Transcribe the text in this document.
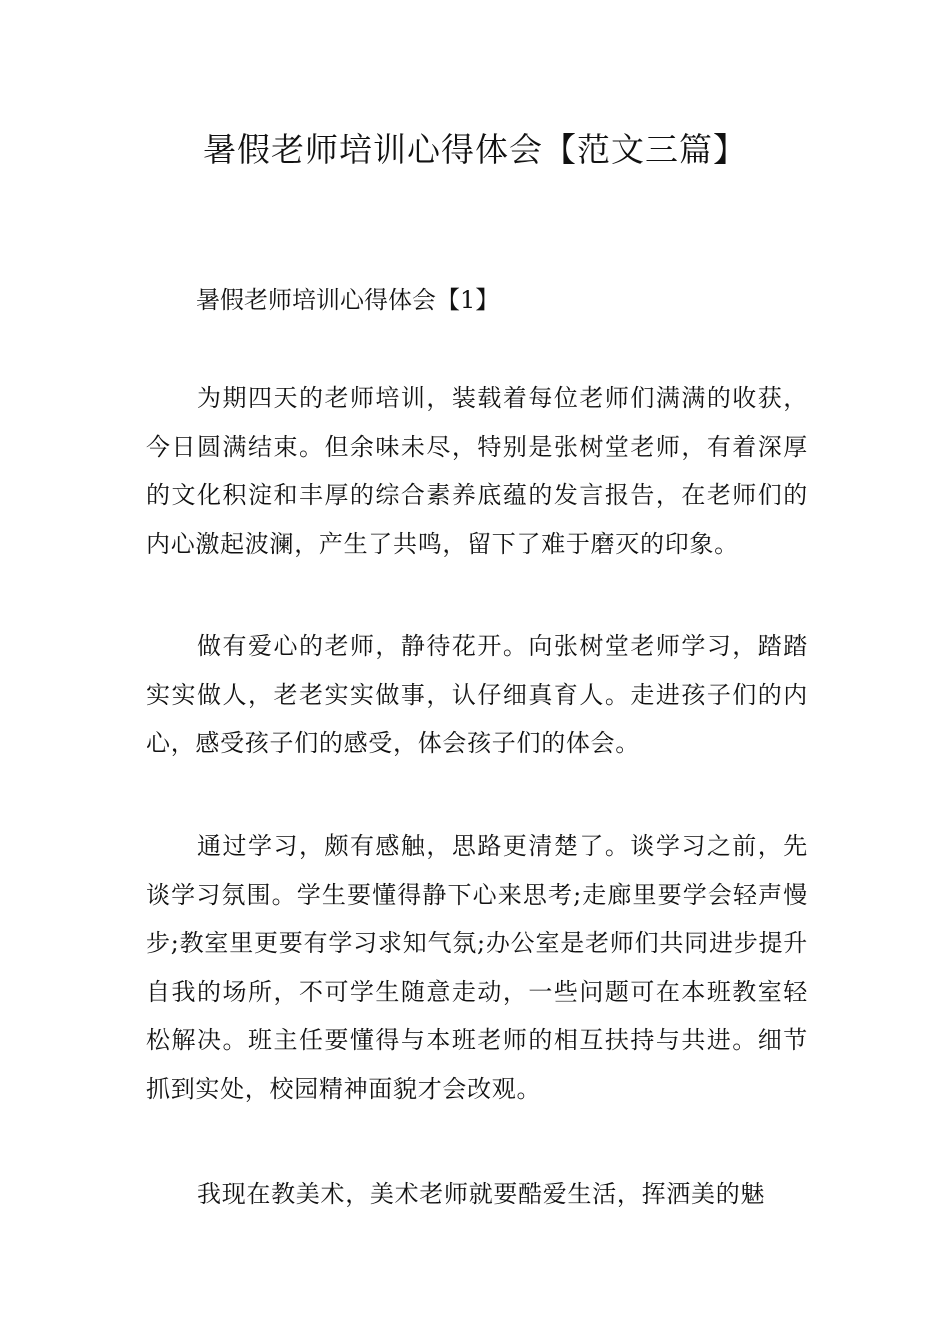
暑假老师培训心得体会【范文三篇】
暑假老师培训心得体会【1】

为期四天的老师培训，装载着每位老师们满满的收获，今日圆满结束。但余味未尽，特别是张树堂老师，有着深厚的文化积淀和丰厚的综合素养底蕴的发言报告，在老师们的内心激起波澜，产生了共鸣，留下了难于磨灭的印象。

做有爱心的老师，静待花开。向张树堂老师学习，踏踏实实做人，老老实实做事，认仔细真育人。走进孩子们的内心，感受孩子们的感受，体会孩子们的体会。

通过学习，颇有感触，思路更清楚了。谈学习之前，先谈学习氛围。学生要懂得静下心来思考;走廊里要学会轻声慢步;教室里更要有学习求知气氛;办公室是老师们共同进步提升自我的场所，不可学生随意走动，一些问题可在本班教室轻松解决。班主任要懂得与本班老师的相互扶持与共进。细节抓到实处，校园精神面貌才会改观。

我现在教美术，美术老师就要酷爱生活，挥洒美的魅
